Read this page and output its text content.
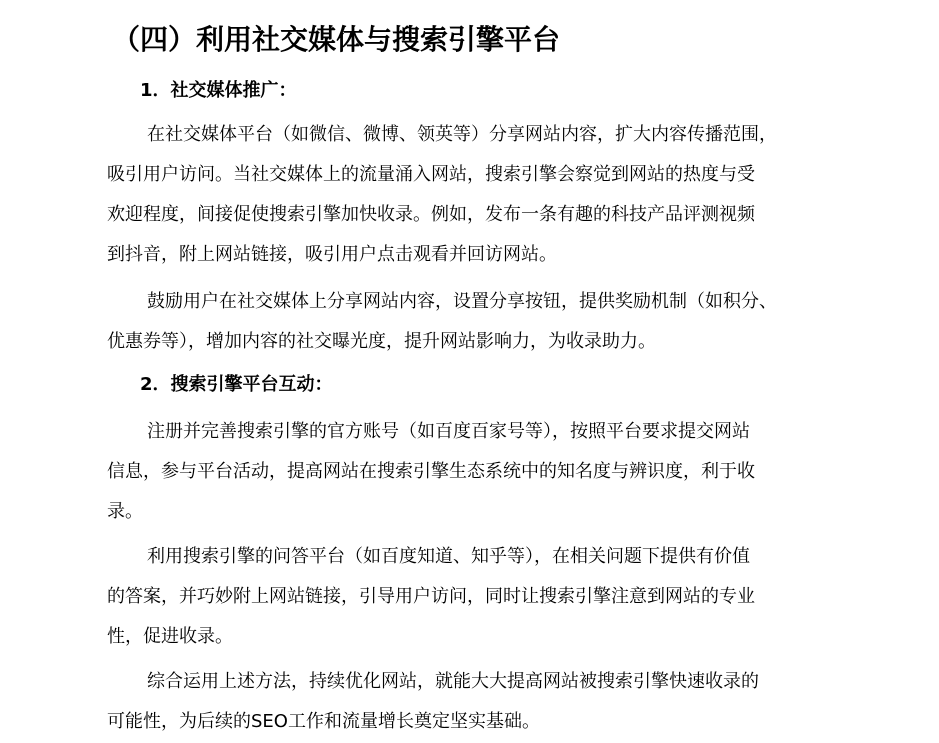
（四）利用社交媒体与搜索引擎平台
1．社交媒体推广：
在社交媒体平台（如微信、微博、领英等）分享网站内容，扩大内容传播范围，
吸引用户访问。当社交媒体上的流量涌入网站，搜索引擎会察觉到网站的热度与受
欢迎程度，间接促使搜索引擎加快收录。例如，发布一条有趣的科技产品评测视频
到抖音，附上网站链接，吸引用户点击观看并回访网站。
鼓励用户在社交媒体上分享网站内容，设置分享按钮，提供奖励机制（如积分、
优惠券等），增加内容的社交曝光度，提升网站影响力，为收录助力。
2．搜索引擎平台互动：
注册并完善搜索引擎的官方账号（如百度百家号等），按照平台要求提交网站
信息，参与平台活动，提高网站在搜索引擎生态系统中的知名度与辨识度，利于收
录。
利用搜索引擎的问答平台（如百度知道、知乎等），在相关问题下提供有价值
的答案，并巧妙附上网站链接，引导用户访问，同时让搜索引擎注意到网站的专业
性，促进收录。
综合运用上述方法，持续优化网站，就能大大提高网站被搜索引擎快速收录的
可能性，为后续的SEO工作和流量增长奠定坚实基础。
